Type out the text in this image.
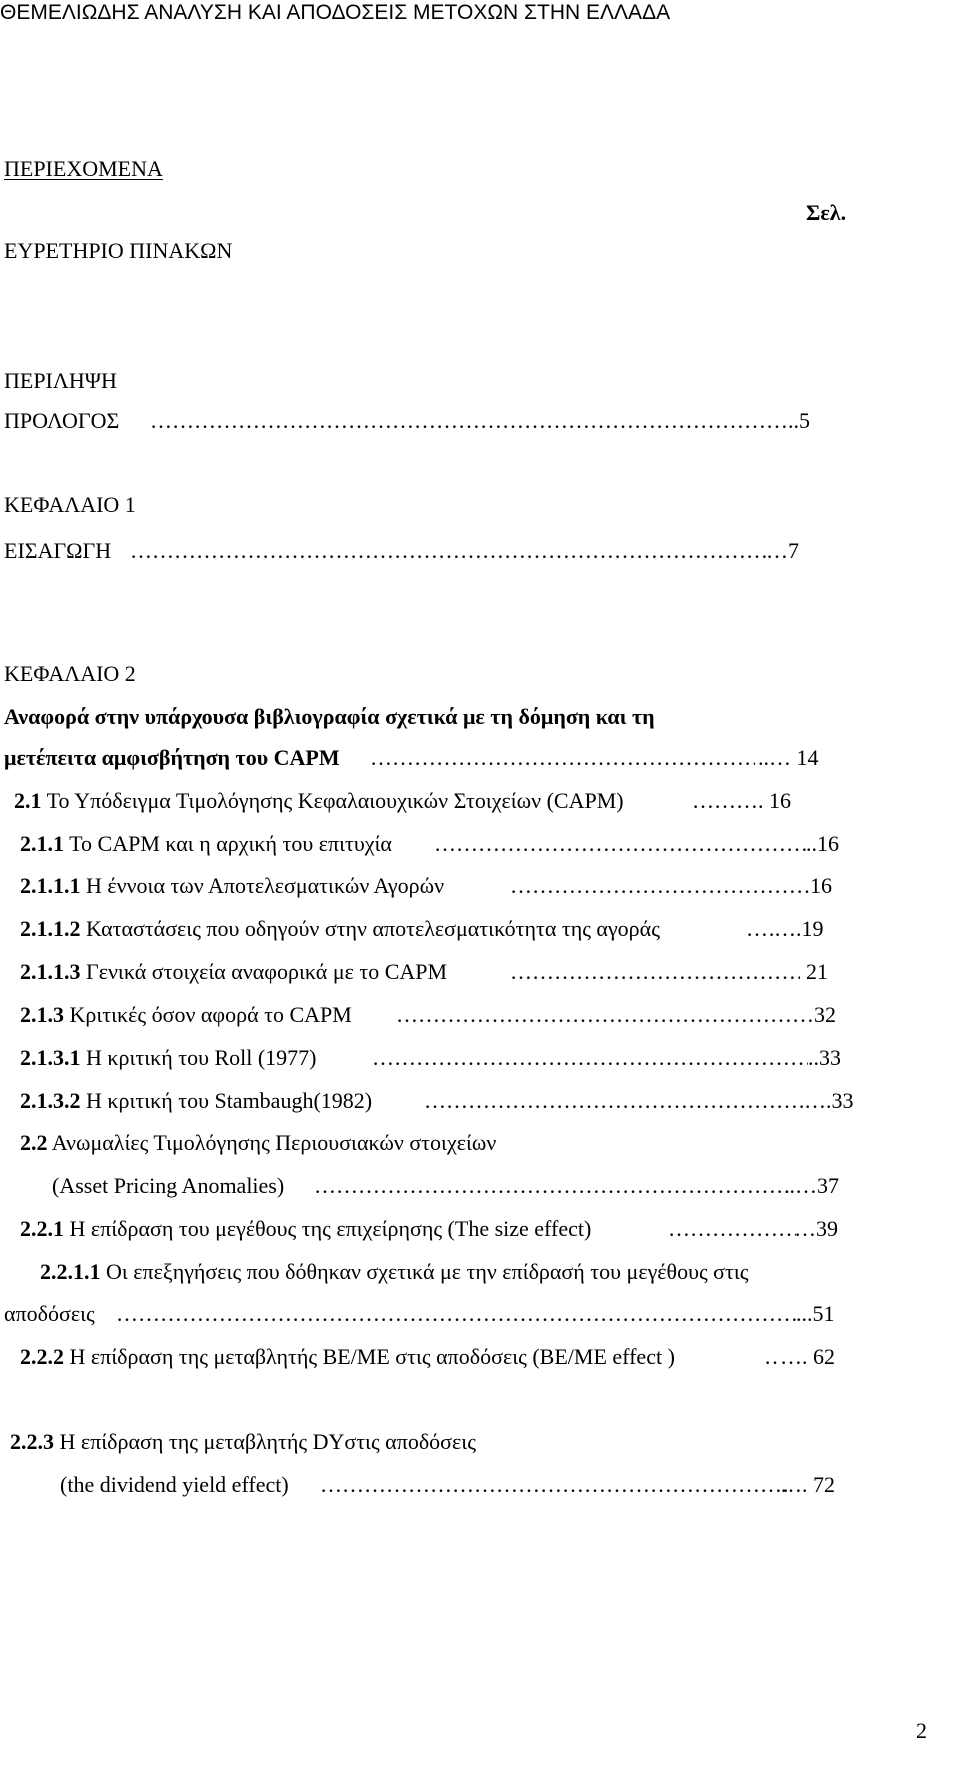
ΘΕΜΕΛΙΩΔΗΣ ΑΝΑΛΥΣΗ ΚΑΙ ΑΠΟΔΟΣΕΙΣ ΜΕΤΟΧΩΝ ΣΤΗΝ ΕΛΛΑΔΑ
ΠΕΡΙΕΧΟΜΕΝΑ
Σελ.
ΕΥΡΕΤΗΡΙΟ ΠΙΝΑΚΩΝ
ΠΕΡΙΛΗΨΗ
ΠΡΟΛΟΓΟΣ …………………………………………………………………………………………………………………………………………………………………………	..5
ΚΕΦΑΛΑΙΟ 1
ΕΙΣΑΓΩΓΗ …………………………………………………………………………………………………………………………………………………………………………	…7
ΚΕΦΑΛΑΙΟ 2
Αναφορά στην υπάρχουσα βιβλιογραφία σχετικά με τη δόμηση και τη
μετέπειτα αμφισβήτηση του CAPM …………………………………………………………………………………………………………………………………………………………………………	..… 14
2.1 Το Υπόδειγμα Τιμολόγησης Κεφαλαιουχικών Στοιχείων (CAPM) …………………………………………………………………………………………………………………………………………………………………………	…. 16
2.1.1 Το CAPM και η αρχική του επιτυχία …………………………………………………………………………………………………………………………………………………………………………	..16
2.1.1.1 Η έννοια των Αποτελεσματικών Αγορών …………………………………………………………………………………………………………………………………………………………………………	16
2.1.1.2 Καταστάσεις που οδηγούν στην αποτελεσματικότητα της αγοράς …………………………………………………………………………………………………………………………………………………………………………	….19
2.1.1.3 Γενικά στοιχεία αναφορικά με το CAPM …………………………………………………………………………………………………………………………………………………………………………	21
2.1.3 Κριτικές όσον αφορά το CAPM …………………………………………………………………………………………………………………………………………………………………………	…32
2.1.3.1 Η κριτική του Roll (1977) …………………………………………………………………………………………………………………………………………………………………………	..33
2.1.3.2 Η κριτική του Stambaugh(1982) …………………………………………………………………………………………………………………………………………………………………………	….33
2.2 Ανωμαλίες Τιμολόγησης Περιουσιακών στοιχείων
(Asset Pricing Anomalies) …………………………………………………………………………………………………………………………………………………………………………	..…37
2.2.1 Η επίδραση του μεγέθους της επιχείρησης (The size effect) …………………………………………………………………………………………………………………………………………………………………………	…39
2.2.1.1 Οι επεξηγήσεις που δόθηκαν σχετικά με την επίδρασή του μεγέθους στις
αποδόσεις …………………………………………………………………………………………………………………………………………………………………………	...51
2.2.2 Η επίδραση της μεταβλητής ΒΕ/ΜΕ στις αποδόσεις (ΒΕ/ΜΕ effect ) …………………………………………………………………………………………………………………………………………………………………………	…. 62
2.2.3 Η επίδραση της μεταβλητής DYστις αποδόσεις
(the dividend yield effect) …………………………………………………………………………………………………………………………………………………………………………	…. 72
2
